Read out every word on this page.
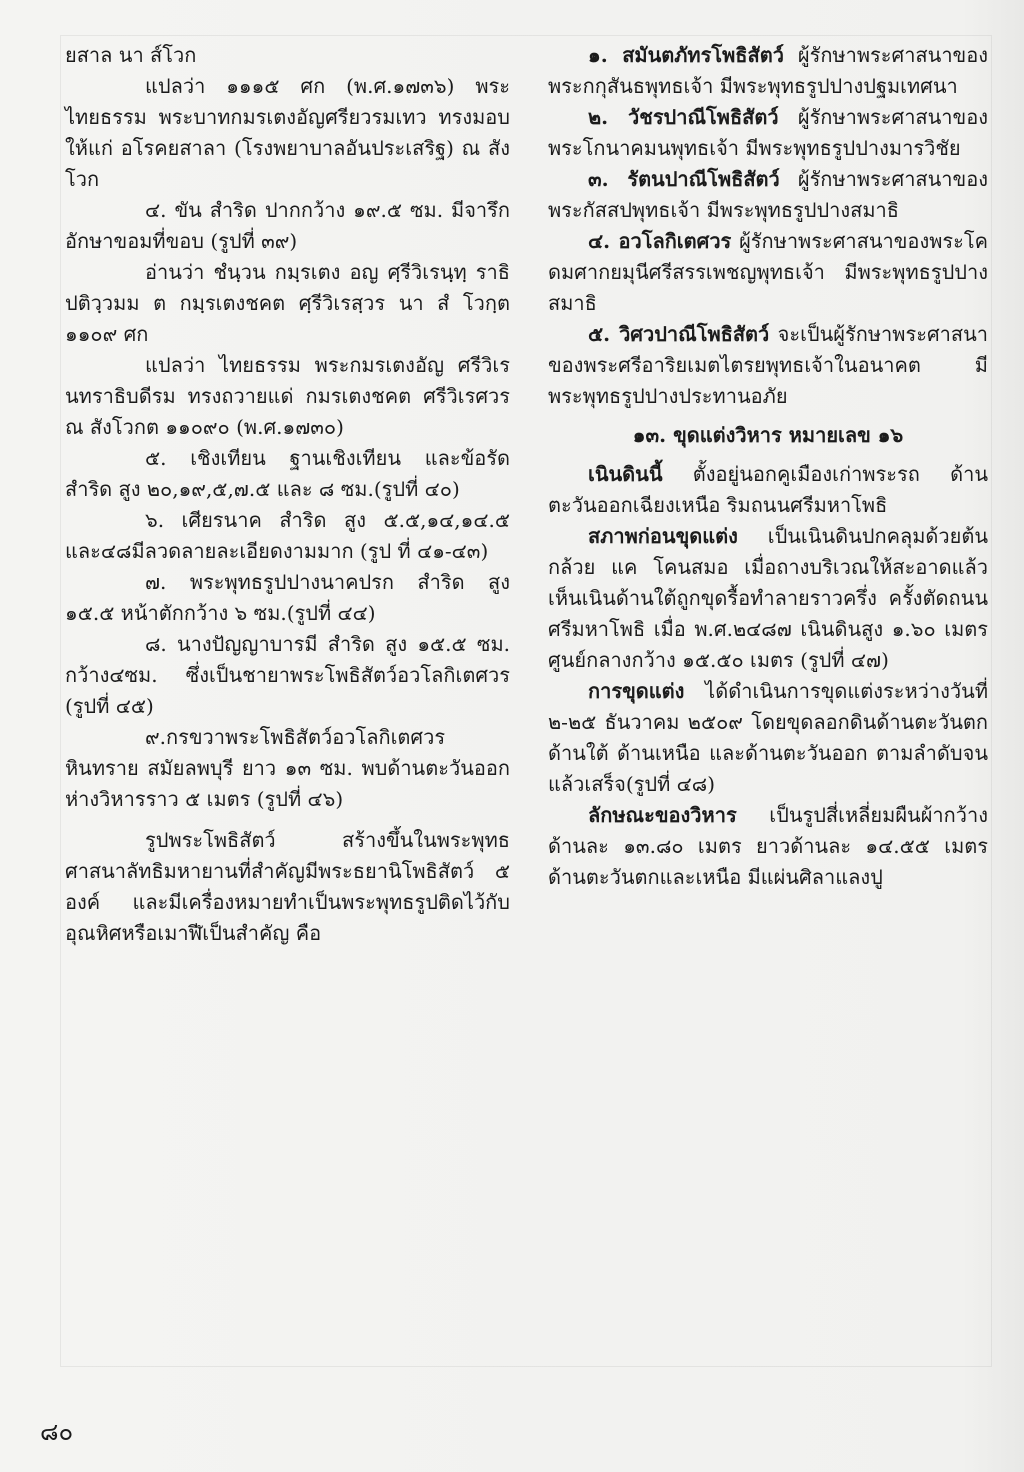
ยสาล นา ส์โวก

แปลว่า ๑๑๑๕ ศก (พ.ศ.๑๗๓๖) พระไทยธรรม พระบาทกมรเตงอัญศรียวรมเทว ทรงมอบให้แก่ อโรคยสาลา (โรงพยาบาลอันประเสริฐ) ณ สังโวก

๔. ขัน สำริด ปากกว้าง ๑๙.๕ ซม. มีจารึกอักษาขอมที่ขอบ (รูปที่ ๓๙)

อ่านว่า ชํนฺวน กมฺรเตง อญ ศฺรีวิเรนฺทฺ ราธิปติวฺวมม ต กมฺรเตงชคต ศฺรีวิเรสฺวร นา สํ โวกฺต ๑๑๐๙ ศก

แปลว่า ไทยธรรม พระกมรเตงอัญ ศรีวิเรนทราธิบดีรม ทรงถวายแด่ กมรเตงชคต ศรีวิเรศวร ณ สังโวกต ๑๑๐๙๐ (พ.ศ.๑๗๓๐)

๕. เชิงเทียน ฐานเชิงเทียน และข้อรัด สำริด สูง ๒๐,๑๙,๕,๗.๕ และ ๘ ซม.(รูปที่ ๔๐)

๖. เศียรนาค สำริด สูง ๕.๕,๑๔,๑๔.๕ และ๔๘มีลวดลายละเอียดงามมาก (รูป ที่ ๔๑-๔๓)

๗. พระพุทธรูปปางนาคปรก สำริด สูง ๑๕.๕ หน้าตักกว้าง ๖ ซม.(รูปที่ ๔๔)

๘. นางปัญญาบารมี สำริด สูง ๑๕.๕ ซม. กว้าง๔ซม. ซึ่งเป็นชายาพระโพธิสัตว์อวโลกิเตศวร (รูปที่ ๔๕)

๙.กรขวาพระโพธิสัตว์อวโลกิเตศวร หินทราย สมัยลพบุรี ยาว ๑๓ ซม. พบด้านตะวันออก ห่างวิหารราว ๕ เมตร (รูปที่ ๔๖)

รูปพระโพธิสัตว์ สร้างขึ้นในพระพุทธศาสนาลัทธิมหายานที่สำคัญมีพระธยานิโพธิสัตว์ ๕ องค์ และมีเครื่องหมายทำเป็นพระพุทธรูปติดไว้กับอุณหิศหรือเมาฬีเป็นสำคัญ คือ

๑. สมันตภัทรโพธิสัตว์ ผู้รักษาพระศาสนาของพระกกุสันธพุทธเจ้า มีพระพุทธรูปปางปฐมเทศนา

๒. วัชรปาณีโพธิสัตว์ ผู้รักษาพระศาสนาของพระโกนาคมนพุทธเจ้า มีพระพุทธรูปปางมารวิชัย

๓. รัตนปาณีโพธิสัตว์ ผู้รักษาพระศาสนาของพระกัสสปพุทธเจ้า มีพระพุทธรูปปางสมาธิ

๔. อวโลกิเตศวร ผู้รักษาพระศาสนาของพระโคดมศากยมุนีศรีสรรเพชญพุทธเจ้า มีพระพุทธรูปปางสมาธิ

๕. วิศวปาณีโพธิสัตว์ จะเป็นผู้รักษาพระศาสนา ของพระศรีอาริยเมตไตรยพุทธเจ้าในอนาคต มีพระพุทธรูปปางประทานอภัย

๑๓. ขุดแต่งวิหาร หมายเลข ๑๖

เนินดินนี้ ตั้งอยู่นอกคูเมืองเก่าพระรถ ด้านตะวันออกเฉียงเหนือ ริมถนนศรีมหาโพธิ

สภาพก่อนขุดแต่ง เป็นเนินดินปกคลุมด้วยต้นกล้วย แค โคนสมอ เมื่อถางบริเวณให้สะอาดแล้ว เห็นเนินด้านใต้ถูกขุดรื้อทำลายราวครึ่ง ครั้งตัดถนนศรีมหาโพธิ เมื่อ พ.ศ.๒๔๘๗ เนินดินสูง ๑.๖๐ เมตร ศูนย์กลางกว้าง ๑๕.๕๐ เมตร (รูปที่ ๔๗)

การขุดแต่ง ได้ดำเนินการขุดแต่งระหว่างวันที่ ๒-๒๕ ธันวาคม ๒๕๐๙ โดยขุดลอกดินด้านตะวันตก ด้านใต้ ด้านเหนือ และด้านตะวันออก ตามลำดับจนแล้วเสร็จ(รูปที่ ๔๘)

ลักษณะของวิหาร เป็นรูปสี่เหลี่ยมผืนผ้ากว้างด้านละ ๑๓.๘๐ เมตร ยาวด้านละ ๑๔.๕๕ เมตร ด้านตะวันตกและเหนือ มีแผ่นศิลาแลงปู

๘๐
